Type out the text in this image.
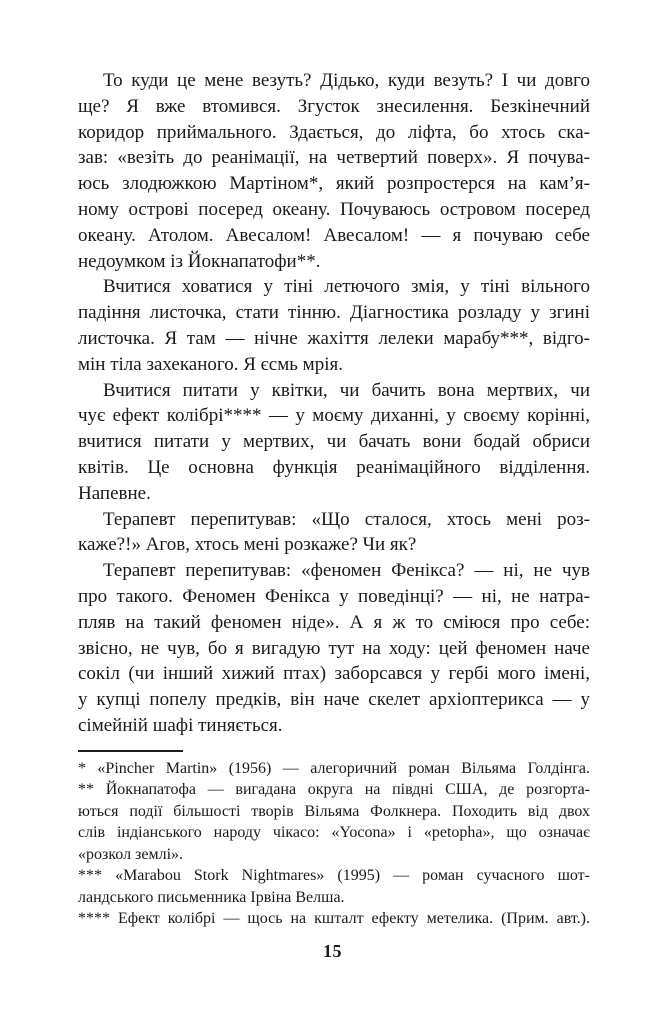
То куди це мене везуть? Дідько, куди везуть? І чи довго
ще? Я вже втомився. Згусток знесилення. Безкінечний
коридор приймального. Здається, до ліфта, бо хтось ска-
зав: «везіть до реанімації, на четвертий поверх». Я почува-
юсь злодюжкою Мартіном*, який розпростерся на кам’я-
ному острові посеред океану. Почуваюсь островом посеред
океану. Атолом. Авесалом! Авесалом! — я почуваю себе
недоумком із Йокнапатофи**.
Вчитися ховатися у тіні летючого змія, у тіні вільного
падіння листочка, стати тінню. Діагностика розладу у згині
листочка. Я там — нічне жахіття лелеки марабу***, відго-
мін тіла захеканого. Я єсмь мрія.
Вчитися питати у квітки, чи бачить вона мертвих, чи
чує ефект колібрі**** — у моєму диханні, у своєму корінні,
вчитися питати у мертвих, чи бачать вони бодай обриси
квітів. Це основна функція реанімаційного відділення.
Напевне.
Терапевт перепитував: «Що сталося, хтось мені роз-
каже?!» Агов, хтось мені розкаже? Чи як?
Терапевт перепитував: «феномен Фенікса? — ні, не чув
про такого. Феномен Фенікса у поведінці? — ні, не натра-
пляв на такий феномен ніде». А я ж то сміюся про себе:
звісно, не чув, бо я вигадую тут на ходу: цей феномен наче
сокіл (чи інший хижий птах) заборсався у гербі мого імені,
у купці попелу предків, він наче скелет архіоптерикса — у
сімейній шафі тиняється.
* «Pincher Martin» (1956) — алегоричний роман Вільяма Голдінга.
** Йокнапатофа — вигадана округа на півдні США, де розгорта-
ються події більшості творів Вільяма Фолкнера. Походить від двох
слів індіанського народу чікасо: «Yocona» і «petopha», що означає
«розкол землі».
*** «Marabou Stork Nightmares» (1995) — роман сучасного шот-
ландського письменника Ірвіна Велша.
**** Ефект колібрі — щось на кшталт ефекту метелика. (Прим. авт.).
15
